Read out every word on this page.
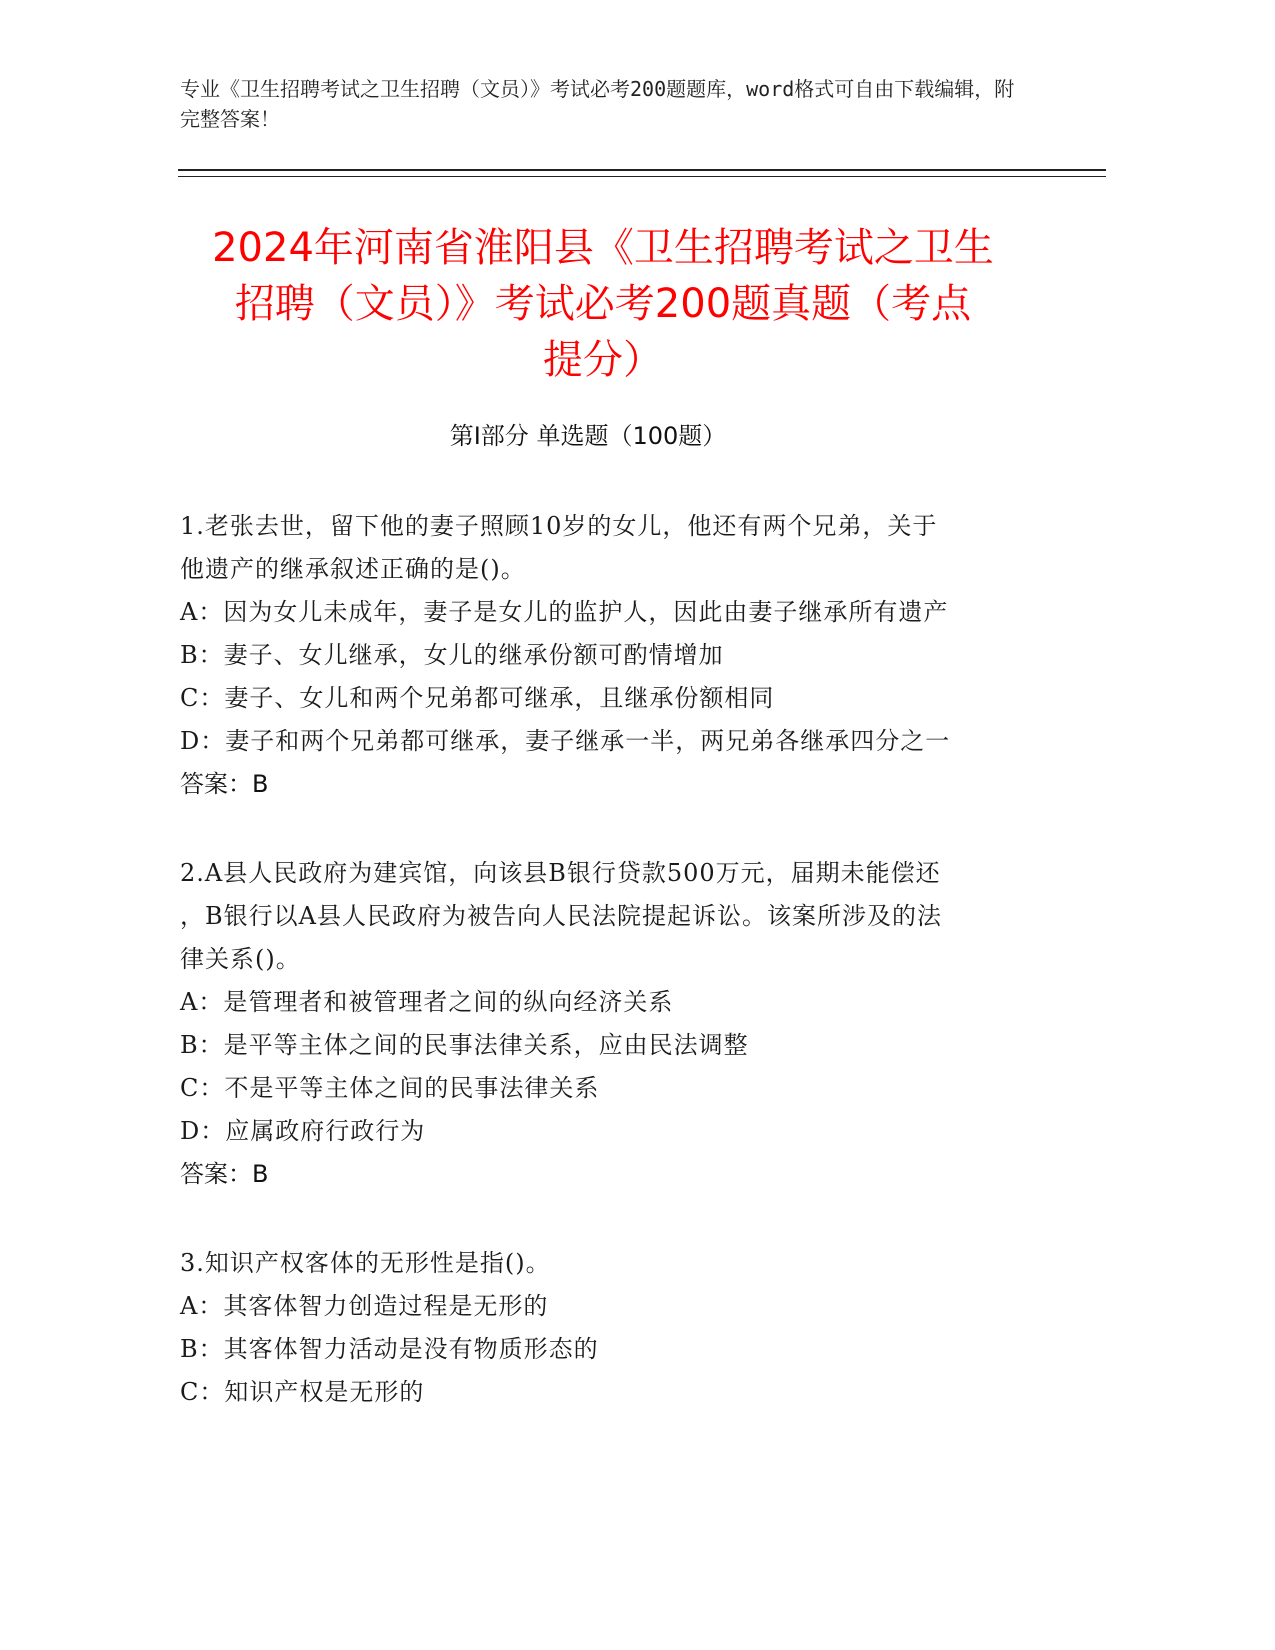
专业《卫生招聘考试之卫生招聘（文员）》考试必考200题题库，word格式可自由下载编辑，附完整答案！
2024年河南省淮阳县《卫生招聘考试之卫生
招聘（文员）》考试必考200题真题（考点
提分）
第Ⅰ部分 单选题（100题）
1.老张去世，留下他的妻子照顾10岁的女儿，他还有两个兄弟，关于
他遗产的继承叙述正确的是()。
A：因为女儿未成年，妻子是女儿的监护人，因此由妻子继承所有遗产
B：妻子、女儿继承，女儿的继承份额可酌情增加
C：妻子、女儿和两个兄弟都可继承，且继承份额相同
D：妻子和两个兄弟都可继承，妻子继承一半，两兄弟各继承四分之一
答案：B
2.A县人民政府为建宾馆，向该县B银行贷款500万元，届期未能偿还
，B银行以A县人民政府为被告向人民法院提起诉讼。该案所涉及的法
律关系()。
A：是管理者和被管理者之间的纵向经济关系
B：是平等主体之间的民事法律关系，应由民法调整
C：不是平等主体之间的民事法律关系
D：应属政府行政行为
答案：B
3.知识产权客体的无形性是指()。
A：其客体智力创造过程是无形的
B：其客体智力活动是没有物质形态的
C：知识产权是无形的
